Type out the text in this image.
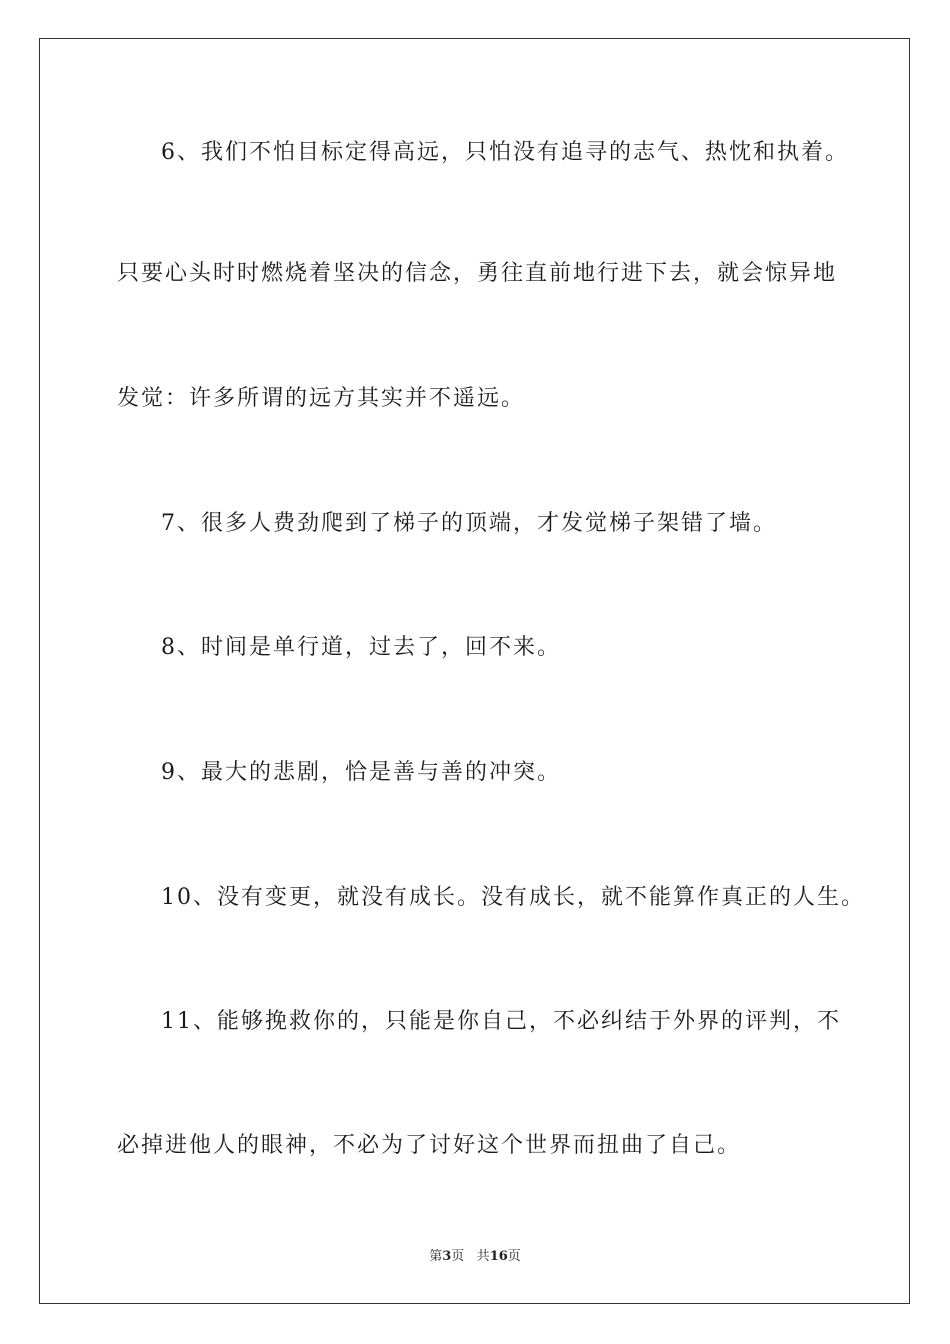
6、我们不怕目标定得高远，只怕没有追寻的志气、热忱和执着。
只要心头时时燃烧着坚决的信念，勇往直前地行进下去，就会惊异地
发觉：许多所谓的远方其实并不遥远。
7、很多人费劲爬到了梯子的顶端，才发觉梯子架错了墙。
8、时间是单行道，过去了，回不来。
9、最大的悲剧，恰是善与善的冲突。
10、没有变更，就没有成长。没有成长，就不能算作真正的人生。
11、能够挽救你的，只能是你自己，不必纠结于外界的评判，不
必掉进他人的眼神，不必为了讨好这个世界而扭曲了自己。
第3页 共16页
